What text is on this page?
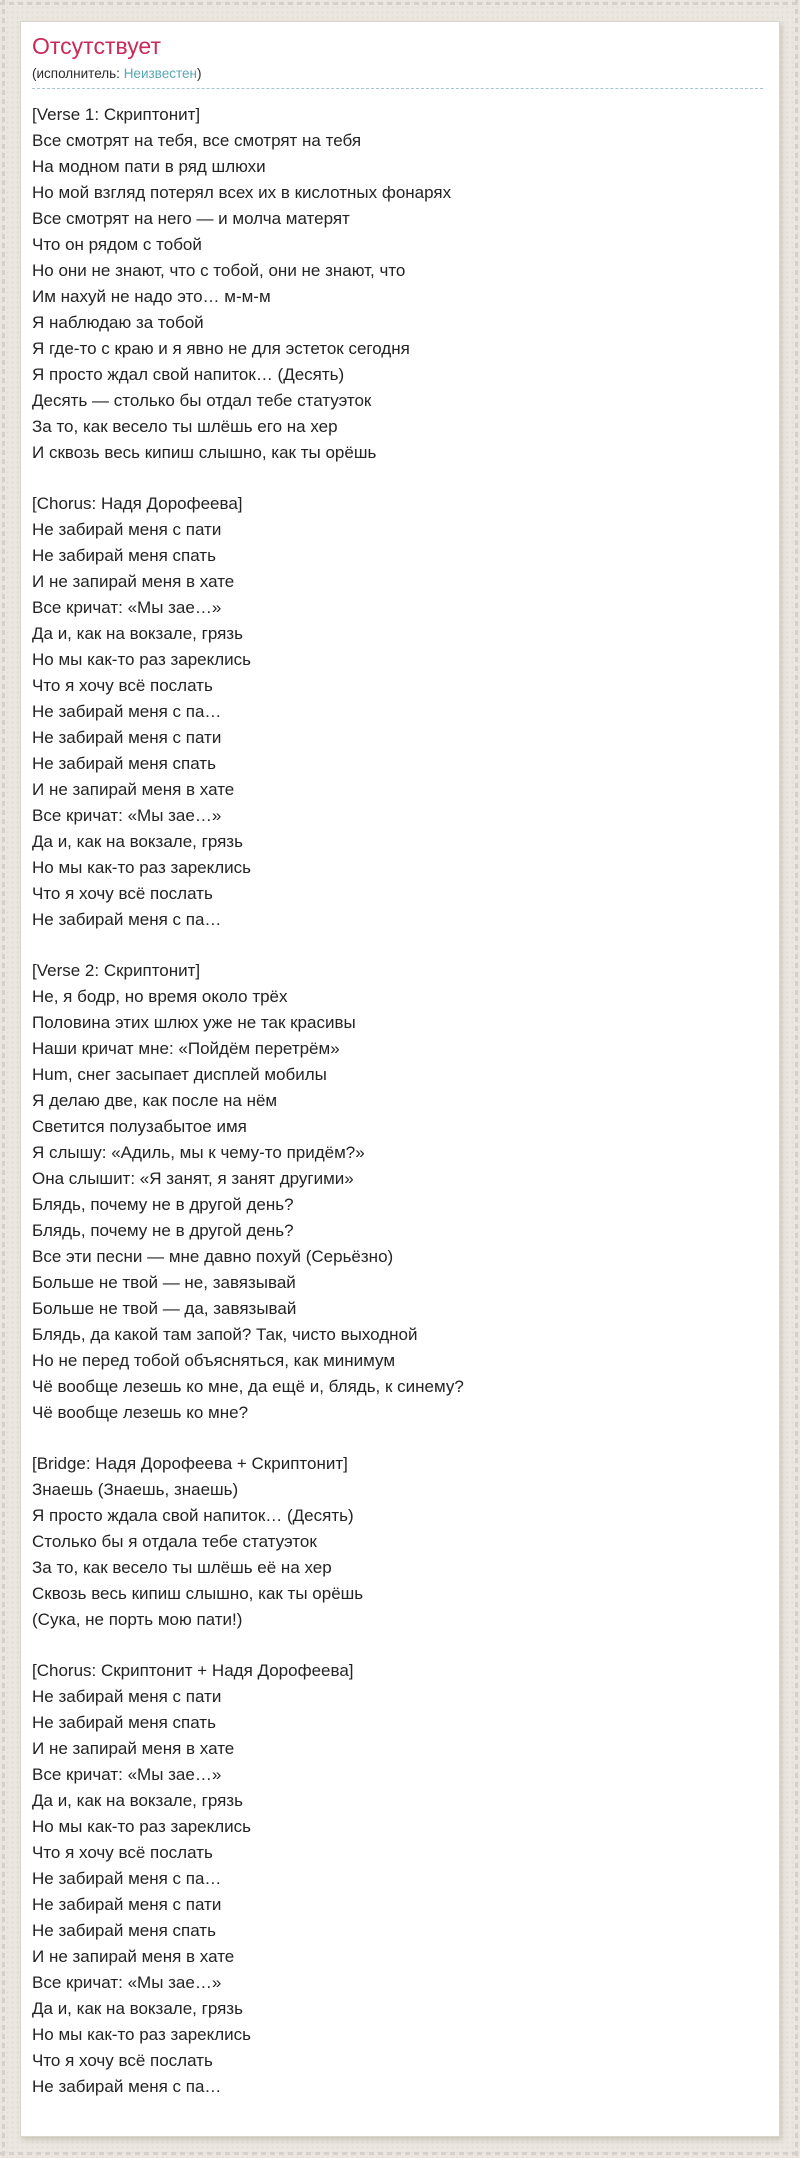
Отсутствует
(исполнитель: Неизвестен)

[Verse 1: Скриптонит]
Все смотрят на тебя, все смотрят на тебя
На модном пати в ряд шлюхи
Но мой взгляд потерял всех их в кислотных фонарях
Все смотрят на него — и молча матерят
Что он рядом с тобой
Но они не знают, что с тобой, они не знают, что
Им нахуй не надо это… м-м-м
Я наблюдаю за тобой
Я где-то с краю и я явно не для эстеток сегодня
Я просто ждал свой напиток… (Десять)
Десять — столько бы отдал тебе статуэток
За то, как весело ты шлёшь его на хер
И сквозь весь кипиш слышно, как ты орёшь

[Chorus: Надя Дорофеева]
Не забирай меня с пати
Не забирай меня спать
И не запирай меня в хате
Все кричат: «Мы зае…»
Да и, как на вокзале, грязь
Но мы как-то раз зареклись
Что я хочу всё послать
Не забирай меня с па…
Не забирай меня с пати
Не забирай меня спать
И не запирай меня в хате
Все кричат: «Мы зае…»
Да и, как на вокзале, грязь
Но мы как-то раз зареклись
Что я хочу всё послать
Не забирай меня с па…

[Verse 2: Скриптонит]
Не, я бодр, но время около трёх
Половина этих шлюх уже не так красивы
Наши кричат мне: «Пойдём перетрём»
Hum, снег засыпает дисплей мобилы
Я делаю две, как после на нём
Светится полузабытое имя
Я слышу: «Адиль, мы к чему-то придём?»
Она слышит: «Я занят, я занят другими»
Блядь, почему не в другой день?
Блядь, почему не в другой день?
Все эти песни — мне давно похуй (Серьёзно)
Больше не твой — не, завязывай
Больше не твой — да, завязывай
Блядь, да какой там запой? Так, чисто выходной
Но не перед тобой объясняться, как минимум
Чё вообще лезешь ко мне, да ещё и, блядь, к синему?
Чё вообще лезешь ко мне?

[Bridge: Надя Дорофеева + Скриптонит]
Знаешь (Знаешь, знаешь)
Я просто ждала свой напиток… (Десять)
Столько бы я отдала тебе статуэток
За то, как весело ты шлёшь её на хер
Сквозь весь кипиш слышно, как ты орёшь
(Сука, не порть мою пати!)

[Chorus: Скриптонит + Надя Дорофеева]
Не забирай меня с пати
Не забирай меня спать
И не запирай меня в хате
Все кричат: «Мы зае…»
Да и, как на вокзале, грязь
Но мы как-то раз зареклись
Что я хочу всё послать
Не забирай меня с па…
Не забирай меня с пати
Не забирай меня спать
И не запирай меня в хате
Все кричат: «Мы зае…»
Да и, как на вокзале, грязь
Но мы как-то раз зареклись
Что я хочу всё послать
Не забирай меня с па…
